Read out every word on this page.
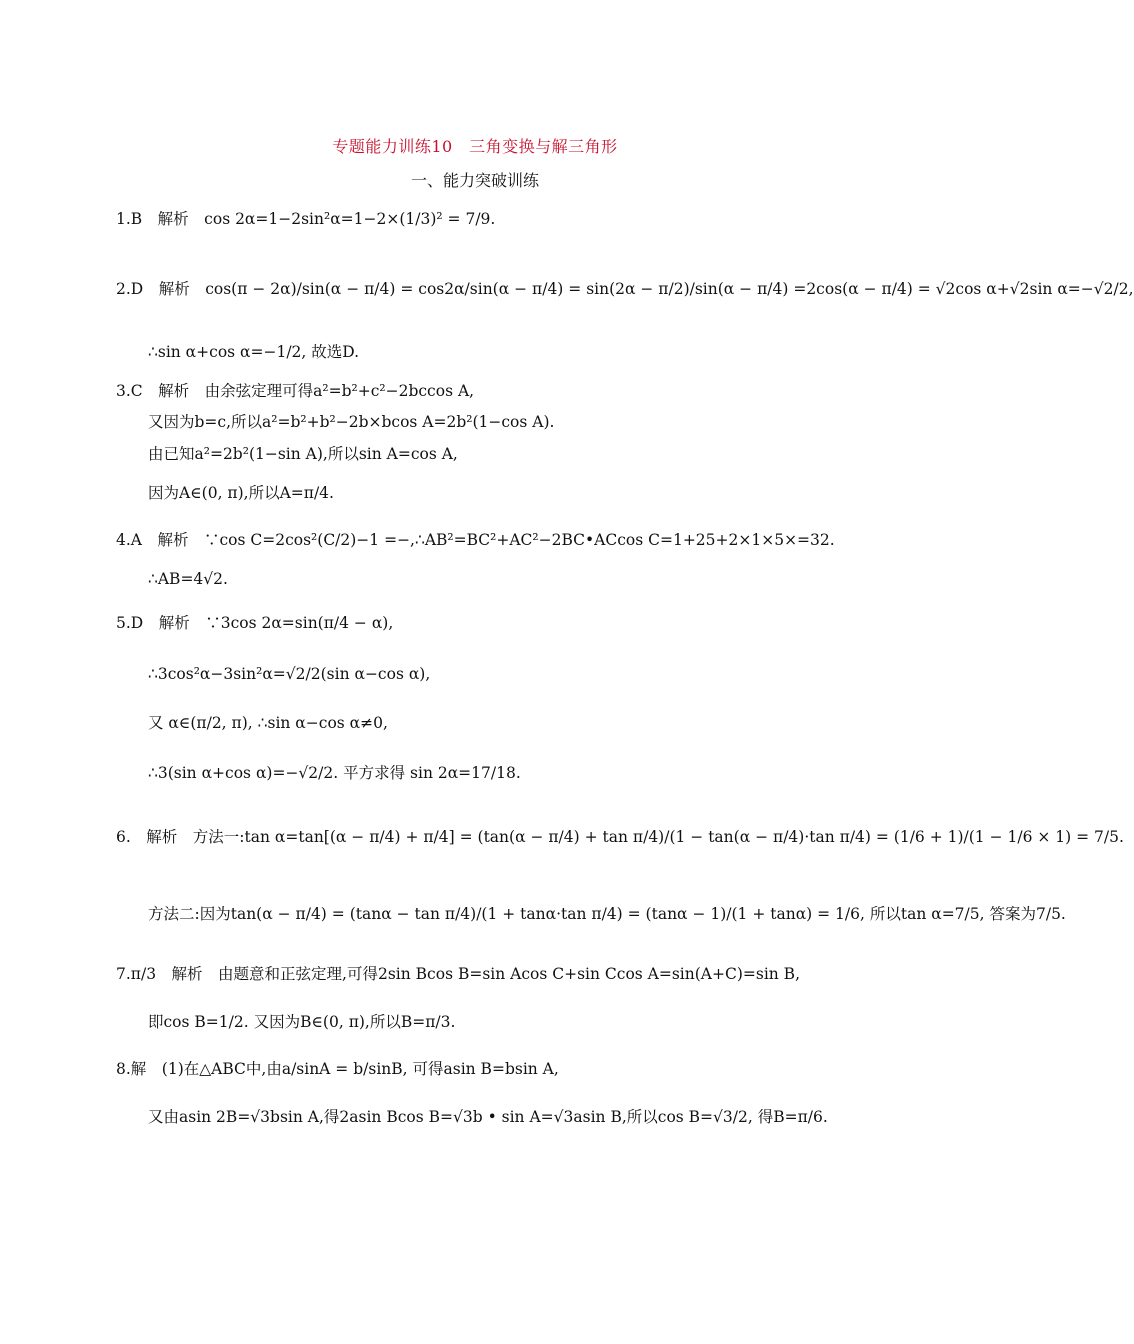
专题能力训练10　三角变换与解三角形
一、能力突破训练
1.B　解析　cos 2α=1−2sin²α=1−2×(1/3)² = 7/9.
2.D　解析　cos(π − 2α)/sin(α − π/4) = cos2α/sin(α − π/4) = sin(2α − π/2)/sin(α − π/4) =2cos(α − π/4) = √2cos α+√2sin α=−√2/2,
∴sin α+cos α=−1/2, 故选D.
3.C　解析　由余弦定理可得a²=b²+c²−2bccos A,
又因为b=c,所以a²=b²+b²−2b×bcos A=2b²(1−cos A).
由已知a²=2b²(1−sin A),所以sin A=cos A,
因为A∈(0, π),所以A=π/4.
4.A　解析　∵cos C=2cos²(C/2)−1 =−,∴AB²=BC²+AC²−2BC•ACcos C=1+25+2×1×5×=32.
∴AB=4√2.
5.D　解析　∵3cos 2α=sin(π/4 − α),
∴3cos²α−3sin²α=√2/2(sin α−cos α),
又 α∈(π/2, π), ∴sin α−cos α≠0,
∴3(sin α+cos α)=−√2/2. 平方求得 sin 2α=17/18.
6.　解析　方法一:tan α=tan[(α − π/4) + π/4] = (tan(α − π/4) + tan π/4)/(1 − tan(α − π/4)·tan π/4) = (1/6 + 1)/(1 − 1/6 × 1) = 7/5.
方法二:因为tan(α − π/4) = (tanα − tan π/4)/(1 + tanα·tan π/4) = (tanα − 1)/(1 + tanα) = 1/6, 所以tan α=7/5, 答案为7/5.
7.π/3　解析　由题意和正弦定理,可得2sin Bcos B=sin Acos C+sin Ccos A=sin(A+C)=sin B,
即cos B=1/2. 又因为B∈(0, π),所以B=π/3.
8.解　(1)在△ABC中,由a/sinA = b/sinB, 可得asin B=bsin A,
又由asin 2B=√3bsin A,得2asin Bcos B=√3b • sin A=√3asin B,所以cos B=√3/2, 得B=π/6.
